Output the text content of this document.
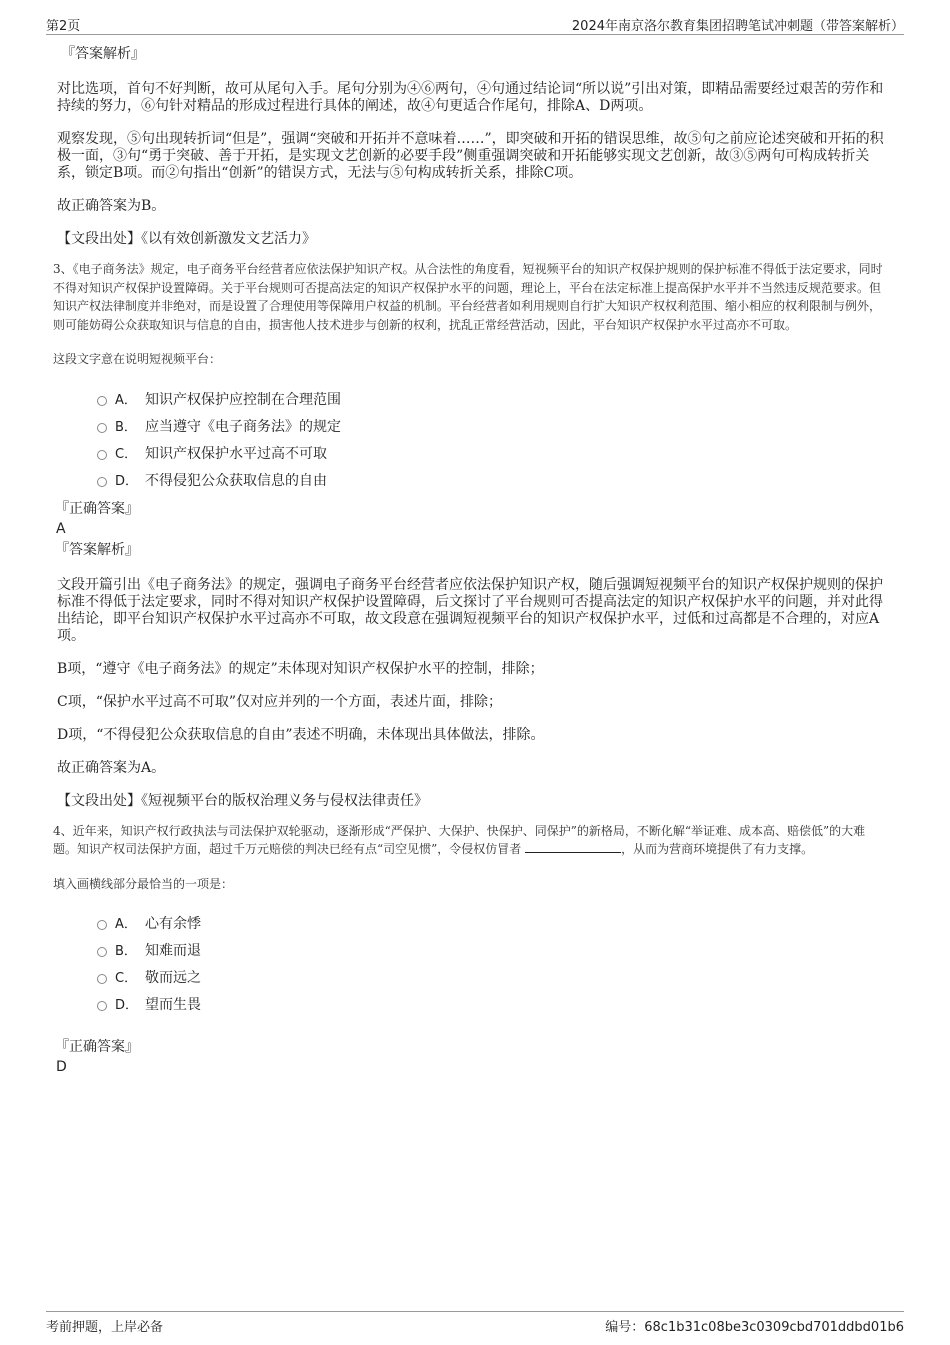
第2页	2024年南京洛尔教育集团招聘笔试冲刺题（带答案解析）

『答案解析』

对比选项，首句不好判断，故可从尾句入手。尾句分别为④⑥两句，④句通过结论词“所以说”引出对策，即精品需要经过艰苦的劳作和持续的努力，⑥句针对精品的形成过程进行具体的阐述，故④句更适合作尾句，排除A、D两项。

观察发现，⑤句出现转折词“但是”，强调“突破和开拓并不意味着……”，即突破和开拓的错误思维，故⑤句之前应论述突破和开拓的积极一面，③句“勇于突破、善于开拓，是实现文艺创新的必要手段”侧重强调突破和开拓能够实现文艺创新，故③⑤两句可构成转折关系，锁定B项。而②句指出“创新”的错误方式，无法与⑤句构成转折关系，排除C项。

故正确答案为B。

【文段出处】《以有效创新激发文艺活力》

3、《电子商务法》规定，电子商务平台经营者应依法保护知识产权。从合法性的角度看，短视频平台的知识产权保护规则的保护标准不得低于法定要求，同时不得对知识产权保护设置障碍。关于平台规则可否提高法定的知识产权保护水平的问题，理论上，平台在法定标准上提高保护水平并不当然违反规范要求。但知识产权法律制度并非绝对，而是设置了合理使用等保障用户权益的机制。平台经营者如利用规则自行扩大知识产权权利范围、缩小相应的权利限制与例外，则可能妨碍公众获取知识与信息的自由，损害他人技术进步与创新的权利，扰乱正常经营活动，因此，平台知识产权保护水平过高亦不可取。

这段文字意在说明短视频平台：

A． 知识产权保护应控制在合理范围
B． 应当遵守《电子商务法》的规定
C． 知识产权保护水平过高不可取
D． 不得侵犯公众获取信息的自由

『正确答案』

A

『答案解析』

文段开篇引出《电子商务法》的规定，强调电子商务平台经营者应依法保护知识产权，随后强调短视频平台的知识产权保护规则的保护标准不得低于法定要求，同时不得对知识产权保护设置障碍，后文探讨了平台规则可否提高法定的知识产权保护水平的问题，并对此得出结论，即平台知识产权保护水平过高亦不可取，故文段意在强调短视频平台的知识产权保护水平，过低和过高都是不合理的，对应A项。

B项，“遵守《电子商务法》的规定”未体现对知识产权保护水平的控制，排除；

C项，“保护水平过高不可取”仅对应并列的一个方面，表述片面，排除；

D项，“不得侵犯公众获取信息的自由”表述不明确，未体现出具体做法，排除。

故正确答案为A。

【文段出处】《短视频平台的版权治理义务与侵权法律责任》

4、近年来，知识产权行政执法与司法保护双轮驱动，逐渐形成“严保护、大保护、快保护、同保护”的新格局，不断化解“举证难、成本高、赔偿低”的大难题。知识产权司法保护方面，超过千万元赔偿的判决已经有点“司空见惯”，令侵权仿冒者	，从而为营商环境提供了有力支撑。

填入画横线部分最恰当的一项是：

A． 心有余悸
B． 知难而退
C． 敬而远之
D． 望而生畏

『正确答案』

D

考前押题，上岸必备	编号：68c1b31c08be3c0309cbd701ddbd01b6
